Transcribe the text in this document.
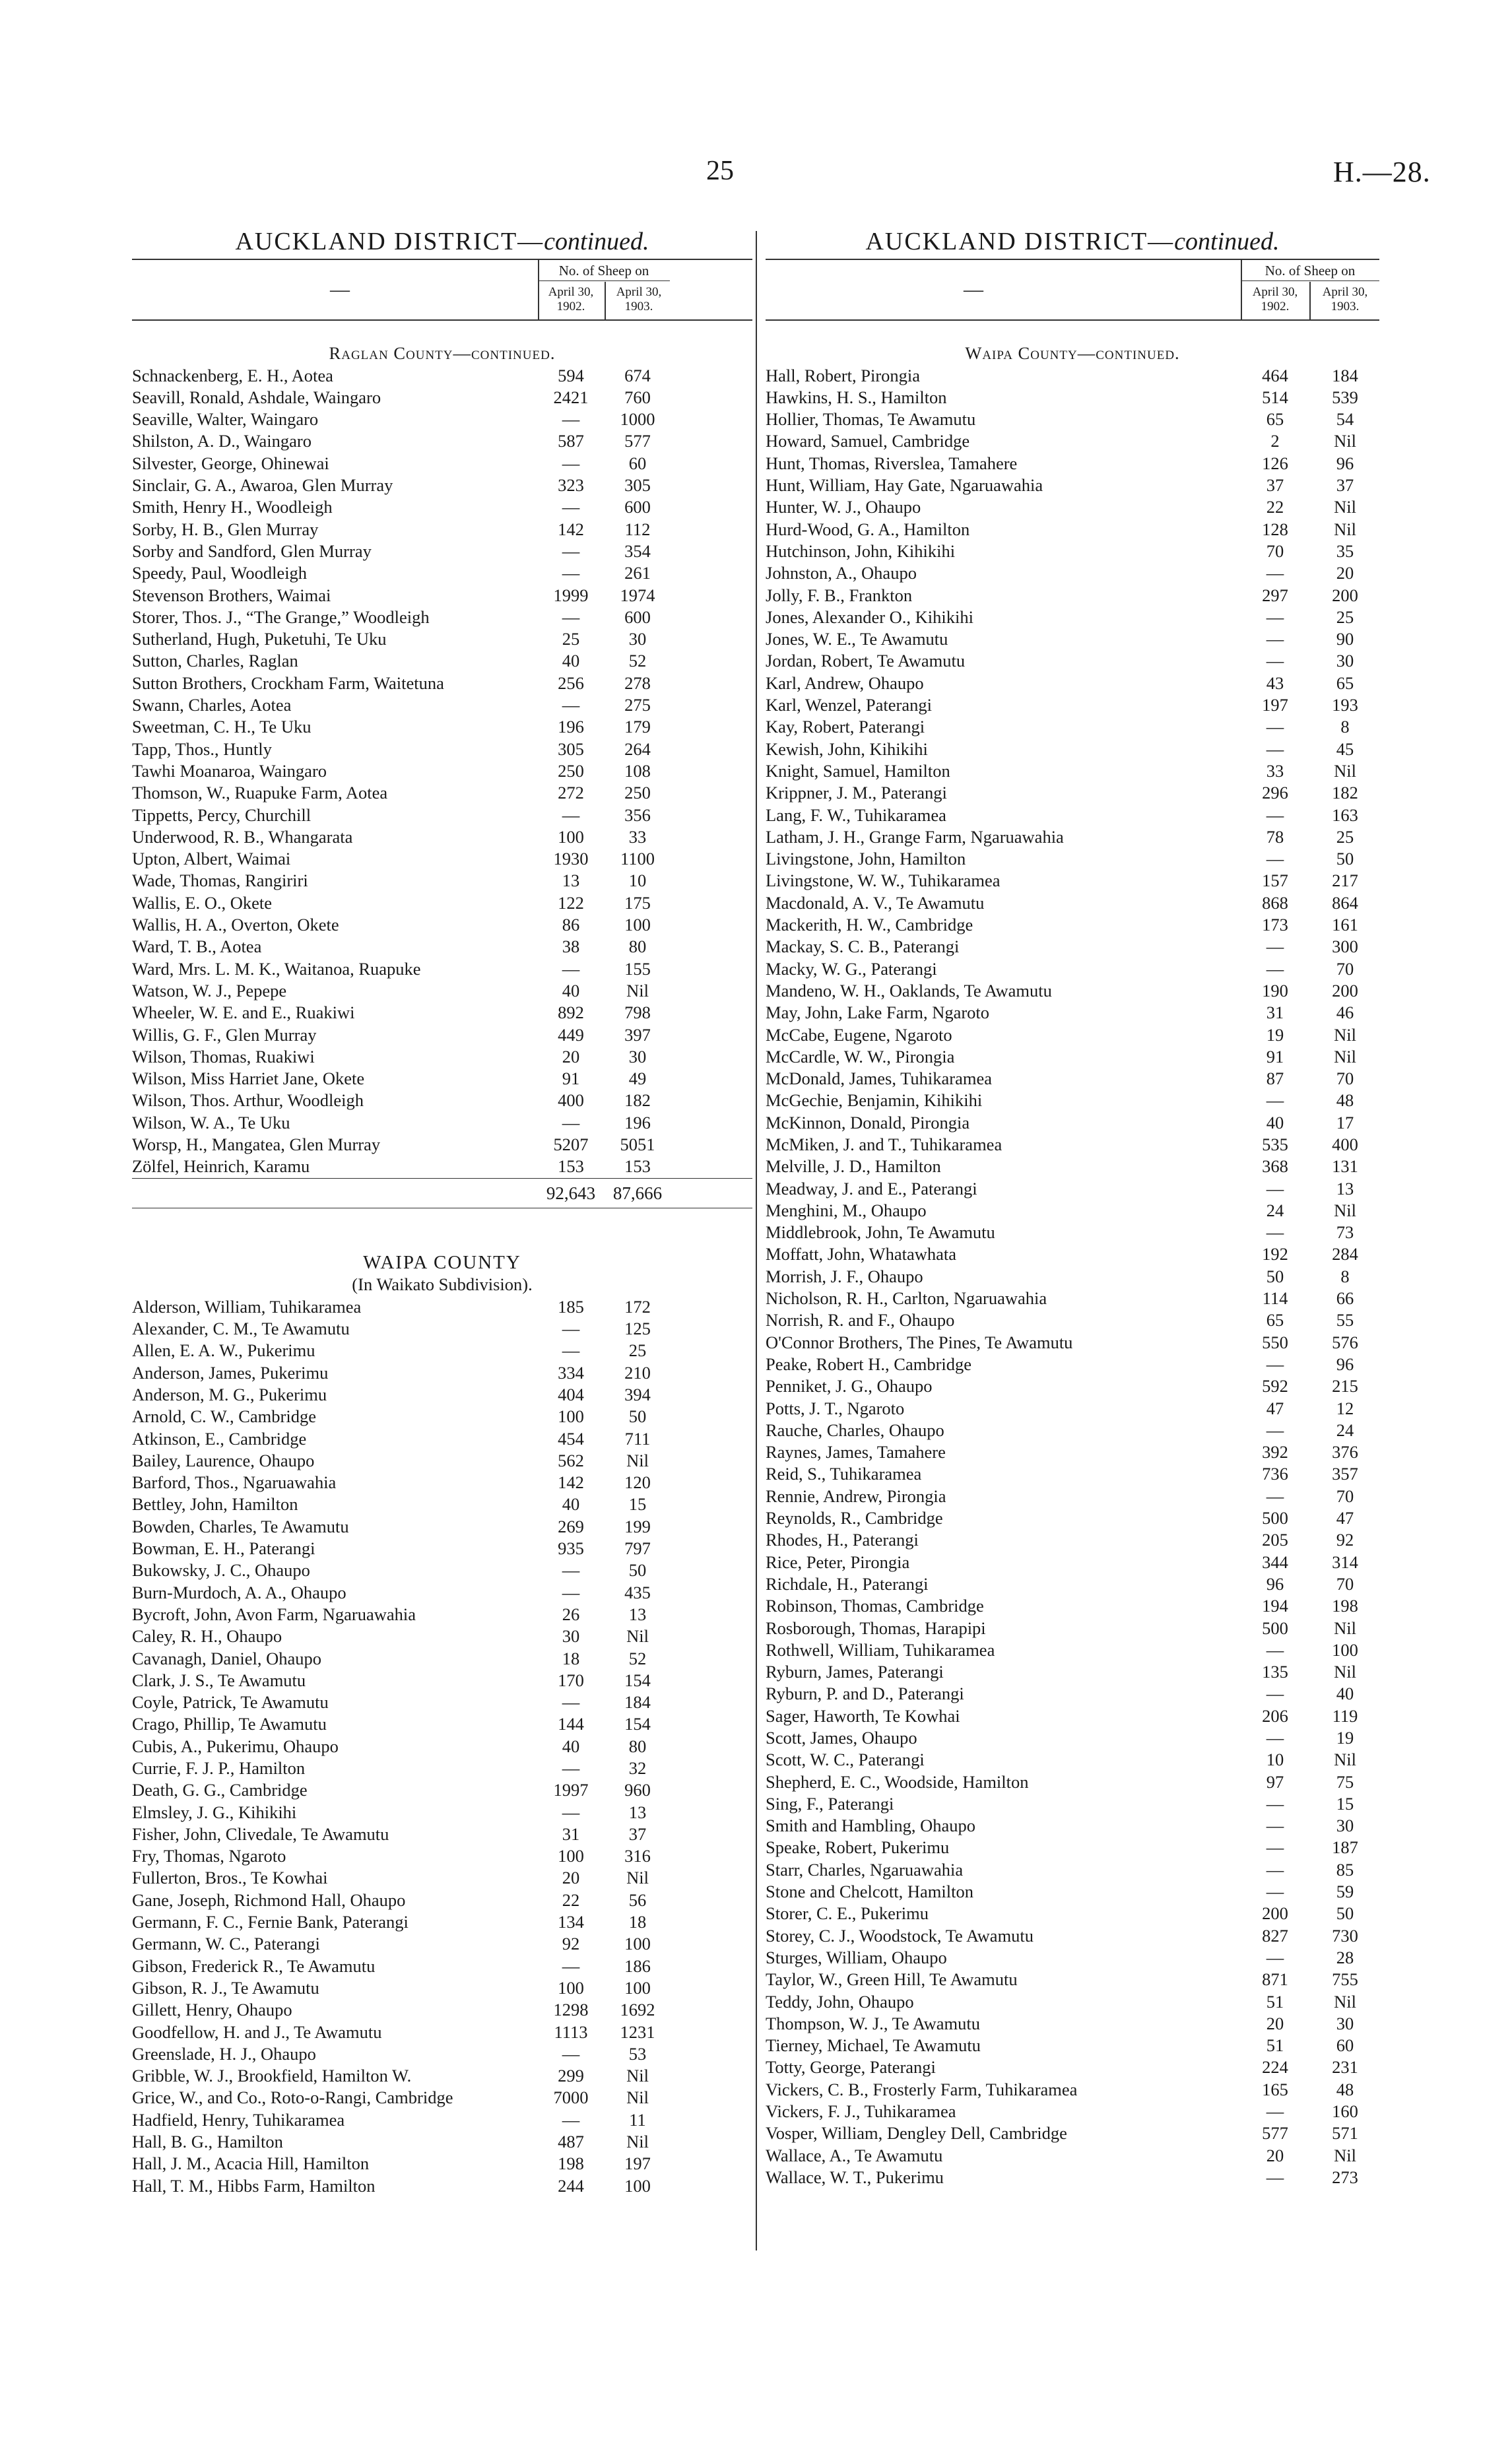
25	H.—28.
AUCKLAND DISTRICT—continued.
—
No. of Sheep on
April 30,
1902.
April 30,
1903.
Raglan County—continued.
Schnackenberg, E. H., Aotea	594	674
Seavill, Ronald, Ashdale, Waingaro	2421	760
Seaville, Walter, Waingaro	—	1000
Shilston, A. D., Waingaro	587	577
Silvester, George, Ohinewai	—	60
Sinclair, G. A., Awaroa, Glen Murray	323	305
Smith, Henry H., Woodleigh	—	600
Sorby, H. B., Glen Murray	142	112
Sorby and Sandford, Glen Murray	—	354
Speedy, Paul, Woodleigh	—	261
Stevenson Brothers, Waimai	1999	1974
Storer, Thos. J., “The Grange,” Woodleigh	—	600
Sutherland, Hugh, Puketuhi, Te Uku	25	30
Sutton, Charles, Raglan	40	52
Sutton Brothers, Crockham Farm, Waitetuna	256	278
Swann, Charles, Aotea	—	275
Sweetman, C. H., Te Uku	196	179
Tapp, Thos., Huntly	305	264
Tawhi Moanaroa, Waingaro	250	108
Thomson, W., Ruapuke Farm, Aotea	272	250
Tippetts, Percy, Churchill	—	356
Underwood, R. B., Whangarata	100	33
Upton, Albert, Waimai	1930	1100
Wade, Thomas, Rangiriri	13	10
Wallis, E. O., Okete	122	175
Wallis, H. A., Overton, Okete	86	100
Ward, T. B., Aotea	38	80
Ward, Mrs. L. M. K., Waitanoa, Ruapuke	—	155
Watson, W. J., Pepepe	40	Nil
Wheeler, W. E. and E., Ruakiwi	892	798
Willis, G. F., Glen Murray	449	397
Wilson, Thomas, Ruakiwi	20	30
Wilson, Miss Harriet Jane, Okete	91	49
Wilson, Thos. Arthur, Woodleigh	400	182
Wilson, W. A., Te Uku	—	196
Worsp, H., Mangatea, Glen Murray	5207	5051
Zölfel, Heinrich, Karamu	153	153
92,643 87,666
WAIPA COUNTY
(In Waikato Subdivision).
Alderson, William, Tuhikaramea	185	172
Alexander, C. M., Te Awamutu	—	125
Allen, E. A. W., Pukerimu	—	25
Anderson, James, Pukerimu	334	210
Anderson, M. G., Pukerimu	404	394
Arnold, C. W., Cambridge	100	50
Atkinson, E., Cambridge	454	711
Bailey, Laurence, Ohaupo	562	Nil
Barford, Thos., Ngaruawahia	142	120
Bettley, John, Hamilton	40	15
Bowden, Charles, Te Awamutu	269	199
Bowman, E. H., Paterangi	935	797
Bukowsky, J. C., Ohaupo	—	50
Burn-Murdoch, A. A., Ohaupo	—	435
Bycroft, John, Avon Farm, Ngaruawahia	26	13
Caley, R. H., Ohaupo	30	Nil
Cavanagh, Daniel, Ohaupo	18	52
Clark, J. S., Te Awamutu	170	154
Coyle, Patrick, Te Awamutu	—	184
Crago, Phillip, Te Awamutu	144	154
Cubis, A., Pukerimu, Ohaupo	40	80
Currie, F. J. P., Hamilton	—	32
Death, G. G., Cambridge	1997	960
Elmsley, J. G., Kihikihi	—	13
Fisher, John, Clivedale, Te Awamutu	31	37
Fry, Thomas, Ngaroto	100	316
Fullerton, Bros., Te Kowhai	20	Nil
Gane, Joseph, Richmond Hall, Ohaupo	22	56
Germann, F. C., Fernie Bank, Paterangi	134	18
Germann, W. C., Paterangi	92	100
Gibson, Frederick R., Te Awamutu	—	186
Gibson, R. J., Te Awamutu	100	100
Gillett, Henry, Ohaupo	1298	1692
Goodfellow, H. and J., Te Awamutu	1113	1231
Greenslade, H. J., Ohaupo	—	53
Gribble, W. J., Brookfield, Hamilton W.	299	Nil
Grice, W., and Co., Roto-o-Rangi, Cambridge	7000	Nil
Hadfield, Henry, Tuhikaramea	—	11
Hall, B. G., Hamilton	487	Nil
Hall, J. M., Acacia Hill, Hamilton	198	197
Hall, T. M., Hibbs Farm, Hamilton	244	100
AUCKLAND DISTRICT—continued.
—
No. of Sheep on
April 30,
1902.
April 30,
1903.
Waipa County—continued.
Hall, Robert, Pirongia	464	184
Hawkins, H. S., Hamilton	514	539
Hollier, Thomas, Te Awamutu	65	54
Howard, Samuel, Cambridge	2	Nil
Hunt, Thomas, Riverslea, Tamahere	126	96
Hunt, William, Hay Gate, Ngaruawahia	37	37
Hunter, W. J., Ohaupo	22	Nil
Hurd-Wood, G. A., Hamilton	128	Nil
Hutchinson, John, Kihikihi	70	35
Johnston, A., Ohaupo	—	20
Jolly, F. B., Frankton	297	200
Jones, Alexander O., Kihikihi	—	25
Jones, W. E., Te Awamutu	—	90
Jordan, Robert, Te Awamutu	—	30
Karl, Andrew, Ohaupo	43	65
Karl, Wenzel, Paterangi	197	193
Kay, Robert, Paterangi	—	8
Kewish, John, Kihikihi	—	45
Knight, Samuel, Hamilton	33	Nil
Krippner, J. M., Paterangi	296	182
Lang, F. W., Tuhikaramea	—	163
Latham, J. H., Grange Farm, Ngaruawahia	78	25
Livingstone, John, Hamilton	—	50
Livingstone, W. W., Tuhikaramea	157	217
Macdonald, A. V., Te Awamutu	868	864
Mackerith, H. W., Cambridge	173	161
Mackay, S. C. B., Paterangi	—	300
Macky, W. G., Paterangi	—	70
Mandeno, W. H., Oaklands, Te Awamutu	190	200
May, John, Lake Farm, Ngaroto	31	46
McCabe, Eugene, Ngaroto	19	Nil
McCardle, W. W., Pirongia	91	Nil
McDonald, James, Tuhikaramea	87	70
McGechie, Benjamin, Kihikihi	—	48
McKinnon, Donald, Pirongia	40	17
McMiken, J. and T., Tuhikaramea	535	400
Melville, J. D., Hamilton	368	131
Meadway, J. and E., Paterangi	—	13
Menghini, M., Ohaupo	24	Nil
Middlebrook, John, Te Awamutu	—	73
Moffatt, John, Whatawhata	192	284
Morrish, J. F., Ohaupo	50	8
Nicholson, R. H., Carlton, Ngaruawahia	114	66
Norrish, R. and F., Ohaupo	65	55
O'Connor Brothers, The Pines, Te Awamutu	550	576
Peake, Robert H., Cambridge	—	96
Penniket, J. G., Ohaupo	592	215
Potts, J. T., Ngaroto	47	12
Rauche, Charles, Ohaupo	—	24
Raynes, James, Tamahere	392	376
Reid, S., Tuhikaramea	736	357
Rennie, Andrew, Pirongia	—	70
Reynolds, R., Cambridge	500	47
Rhodes, H., Paterangi	205	92
Rice, Peter, Pirongia	344	314
Richdale, H., Paterangi	96	70
Robinson, Thomas, Cambridge	194	198
Rosborough, Thomas, Harapipi	500	Nil
Rothwell, William, Tuhikaramea	—	100
Ryburn, James, Paterangi	135	Nil
Ryburn, P. and D., Paterangi	—	40
Sager, Haworth, Te Kowhai	206	119
Scott, James, Ohaupo	—	19
Scott, W. C., Paterangi	10	Nil
Shepherd, E. C., Woodside, Hamilton	97	75
Sing, F., Paterangi	—	15
Smith and Hambling, Ohaupo	—	30
Speake, Robert, Pukerimu	—	187
Starr, Charles, Ngaruawahia	—	85
Stone and Chelcott, Hamilton	—	59
Storer, C. E., Pukerimu	200	50
Storey, C. J., Woodstock, Te Awamutu	827	730
Sturges, William, Ohaupo	—	28
Taylor, W., Green Hill, Te Awamutu	871	755
Teddy, John, Ohaupo	51	Nil
Thompson, W. J., Te Awamutu	20	30
Tierney, Michael, Te Awamutu	51	60
Totty, George, Paterangi	224	231
Vickers, C. B., Frosterly Farm, Tuhikaramea	165	48
Vickers, F. J., Tuhikaramea	—	160
Vosper, William, Dengley Dell, Cambridge	577	571
Wallace, A., Te Awamutu	20	Nil
Wallace, W. T., Pukerimu	—	273
